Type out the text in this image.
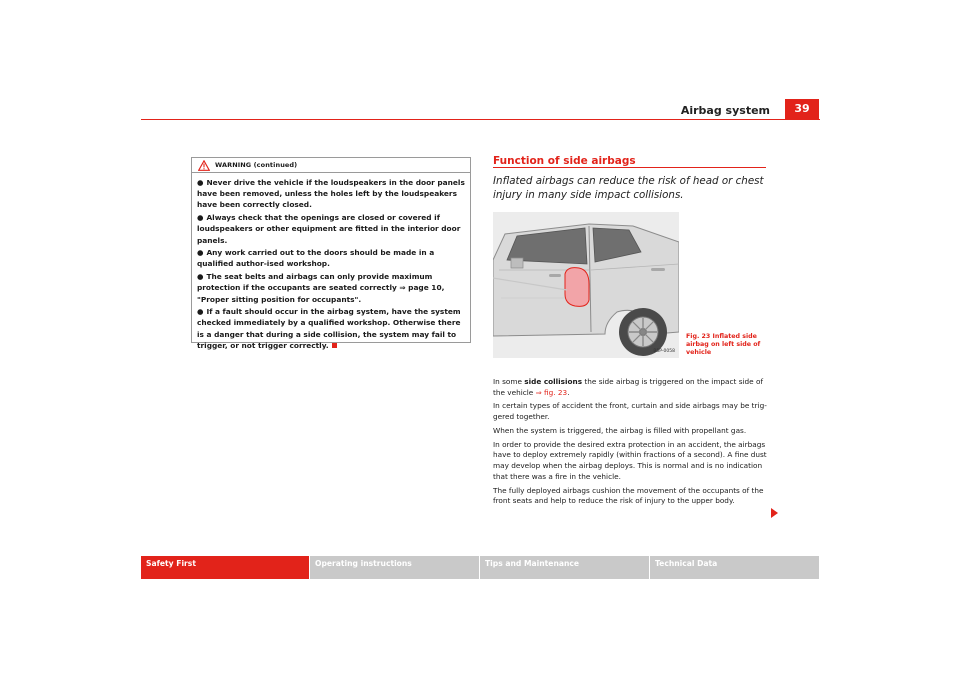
Airbag system	39
WARNING (continued)
● Never drive the vehicle if the loudspeakers in the door panels have been removed, unless the holes left by the loudspeakers have been correctly closed.
● Always check that the openings are closed or covered if loudspeakers or other equipment are fitted in the interior door panels.
● Any work carried out to the doors should be made in a qualified author-ised workshop.
● The seat belts and airbags can only provide maximum protection if the occupants are seated correctly ⇒ page 10, "Proper sitting position for occupants".
● If a fault should occur in the airbag system, have the system checked immediately by a qualified workshop. Otherwise there is a danger that during a side collision, the system may fail to trigger, or not trigger correctly.
Function of side airbags
Inflated airbags can reduce the risk of head or chest injury in many side impact collisions.
B5P-0058
Fig. 23 Inflated side airbag on left side of vehicle

In some side collisions the side airbag is triggered on the impact side of the vehicle ⇒ fig. 23.

In certain types of accident the front, curtain and side airbags may be trig-gered together.

When the system is triggered, the airbag is filled with propellant gas.

In order to provide the desired extra protection in an accident, the airbags have to deploy extremely rapidly (within fractions of a second). A fine dust may develop when the airbag deploys. This is normal and is no indication that there was a fire in the vehicle.

The fully deployed airbags cushion the movement of the occupants of the front seats and help to reduce the risk of injury to the upper body.

Safety First	Operating instructions	Tips and Maintenance	Technical Data
